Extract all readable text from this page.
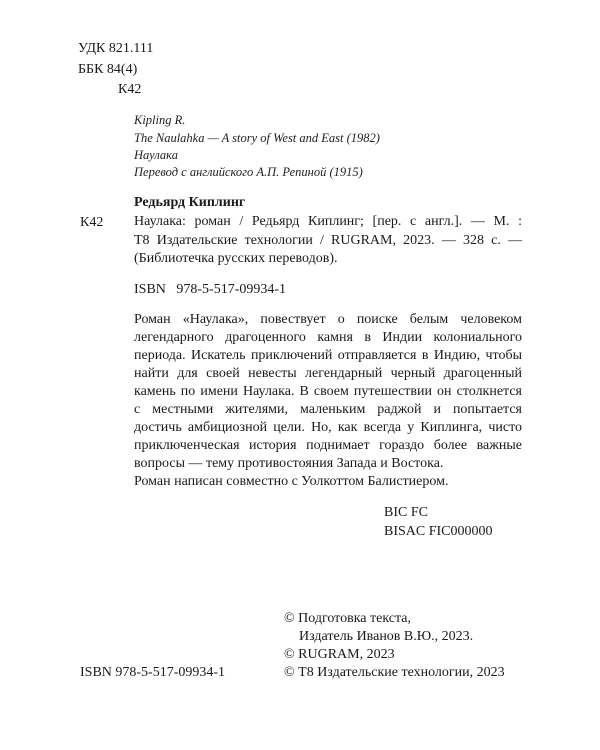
УДК 821.111
ББК 84(4)
К42
Kipling R.
The Naulahka — A story of West and East (1982)
Наулака
Перевод с английского А.П. Репиной (1915)
Редьярд Киплинг
К42 Наулака: роман / Редьярд Киплинг; [пер. с англ.]. — М. :
Т8 Издательские технологии / RUGRAM, 2023. — 328 с. —
(Библиотечка русских переводов).
ISBN   978-5-517-09934-1
Роман «Наулака», повествует о поиске белым человеком
легендарного драгоценного камня в Индии колониального
периода. Искатель приключений отправляется в Индию, чтобы
найти для своей невесты легендарный черный драгоценный
камень по имени Наулака. В своем путешествии он столкнется
с местными жителями, маленьким раджой и попытается
достичь амбициозной цели. Но, как всегда у Киплинга, чисто
приключенческая история поднимает гораздо более важные
вопросы — тему противостояния Запада и Востока.
Роман написан совместно с Уолкоттом Балистиером.
BIC FC
BISAC FIC000000
© Подготовка текста,
Издатель Иванов В.Ю., 2023.
© RUGRAM, 2023
© Т8 Издательские технологии, 2023
ISBN 978-5-517-09934-1
